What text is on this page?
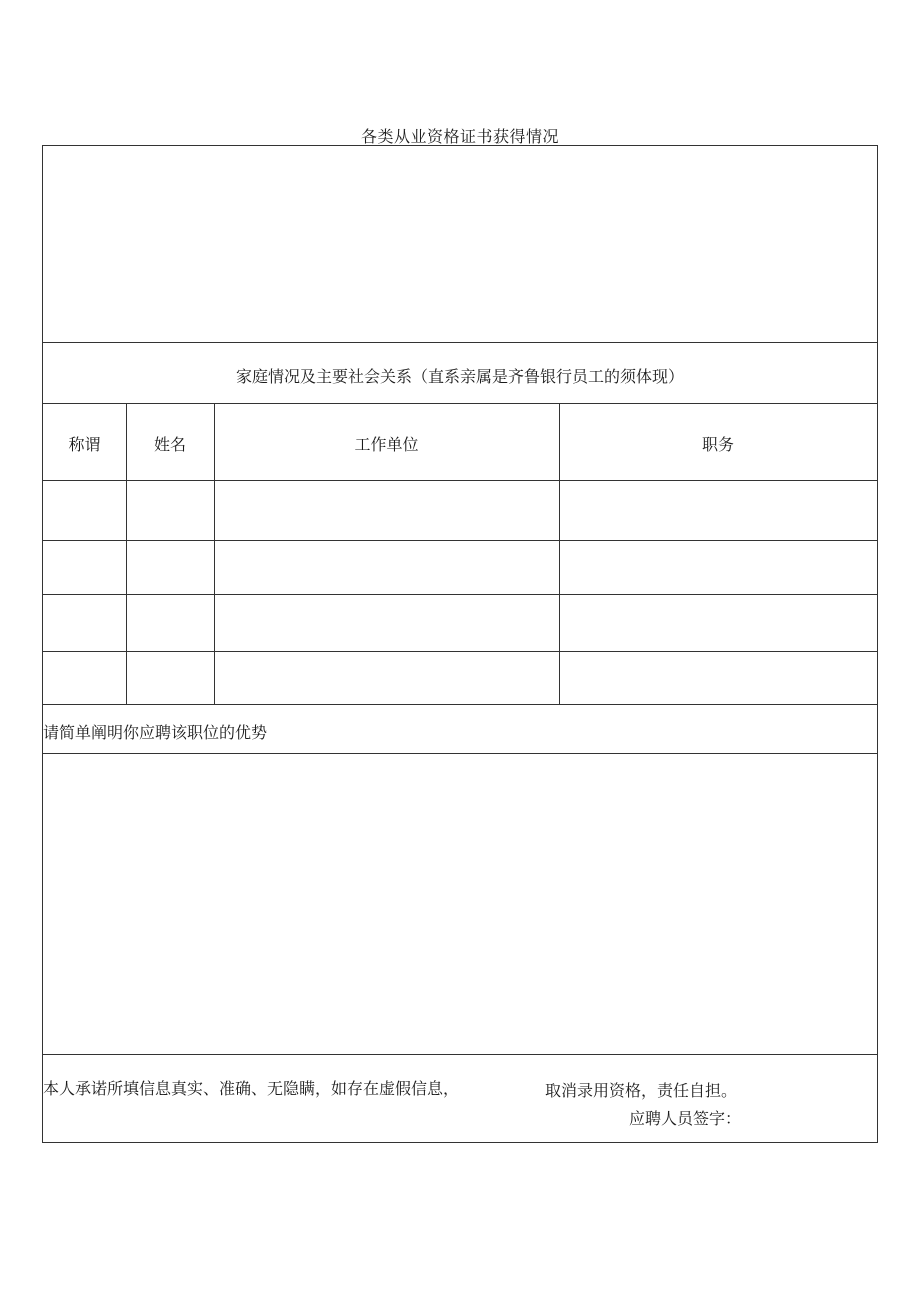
各类从业资格证书获得情况
家庭情况及主要社会关系（直系亲属是齐鲁银行员工的须体现）
称谓	姓名	工作单位	职务
请简单阐明你应聘该职位的优势
本人承诺所填信息真实、准确、无隐瞒，如存在虚假信息，	取消录用资格，责任自担。
应聘人员签字：
